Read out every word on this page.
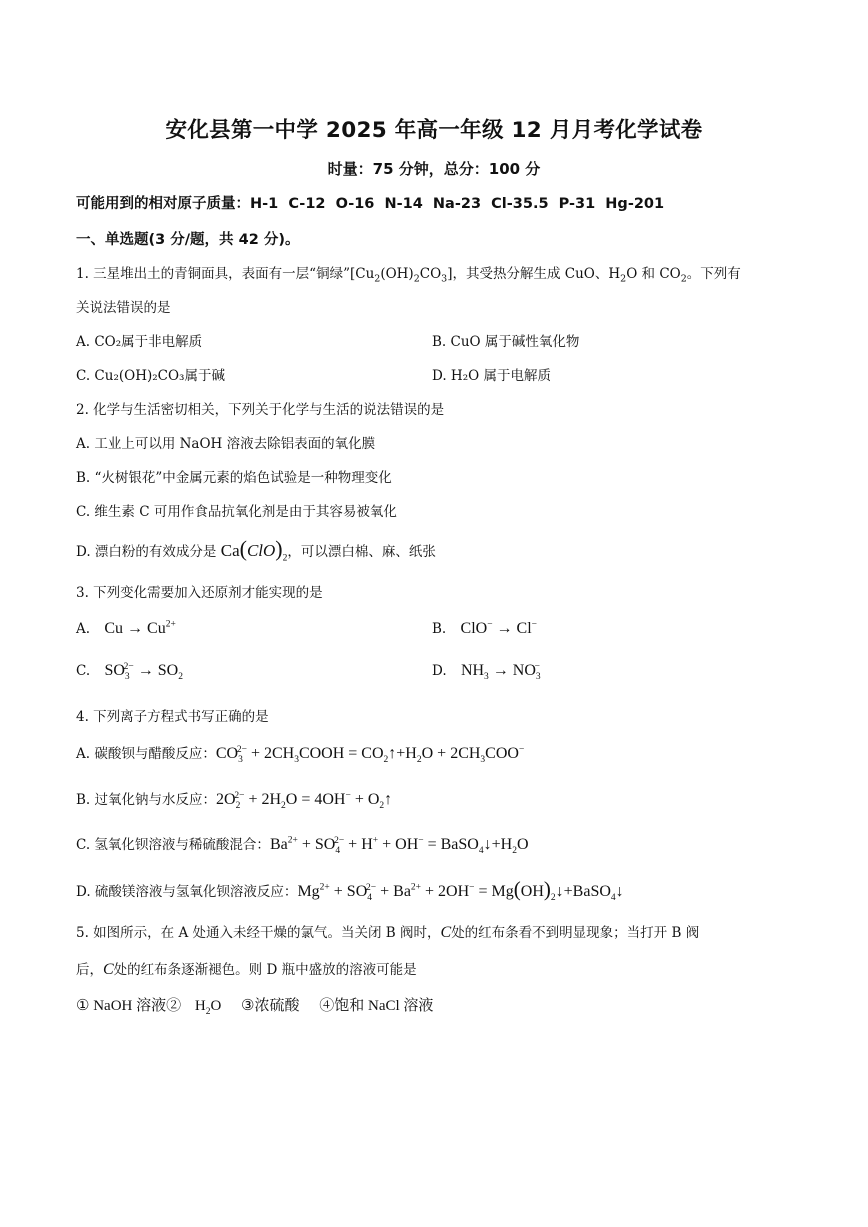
安化县第一中学 2025 年高一年级 12 月月考化学试卷
时量：75 分钟，总分：100 分
可能用到的相对原子质量：H-1  C-12  O-16  N-14  Na-23  Cl-35.5  P-31  Hg-201
一、单选题(3 分/题，共 42 分)。
1. 三星堆出土的青铜面具，表面有一层“铜绿$”[Cu_2(OH)_2CO_3]$，其受热分解生成 CuO、$H_2O$ 和 $CO_2$。下列有
关说法错误的是
A. CO₂属于非电解质	B. CuO 属于碱性氧化物
C. Cu₂(OH)₂CO₃属于碱	D. H₂O 属于电解质
2. 化学与生活密切相关，下列关于化学与生活的说法错误的是
A. 工业上可以用 NaOH 溶液去除铝表面的氧化膜
B. “火树银花”中金属元素的焰色试验是一种物理变化
C. 维生素 C 可用作食品抗氧化剂是由于其容易被氧化
D. 漂白粉的有效成分是 $Ca(ClO)_2$，可以漂白棉、麻、纸张
3. 下列变化需要加入还原剂才能实现的是
A. $Cu \to Cu^{2+}$	B. ClO− → Cl−
C. $SO_3^{2-} \to SO_2$	D. $NH_3 \to NO_3^-$
4. 下列离子方程式书写正确的是
A. 碳酸钡与醋酸反应：$CO_3^{2-}$ + $2CH_3COOH$ = $CO_2↑+H_2O + 2CH_3COO^-$
B. 过氧化钠与水反应：$2O_2^{2-} + 2H_2O = 4OH^-$ + $O_2↑$
C. 氢氧化钡溶液与稀硫酸混合：$Ba^{2+} + SO_4^{2-} + H^+ + OH^-$ = $BaSO_4↓+H_2O$
D. 硫酸镁溶液与氢氧化钡溶液反应：$Mg^{2+} + SO_4^{2-} + Ba^{2+} + 2OH^-$ = $Mg(OH)_2↓+BaSO_4↓$
5. 如图所示，在 A 处通入未经干燥的氯气。当关闭 B 阀时，C处的红布条看不到明显现象；当打开 B 阀
后，C处的红布条逐渐褪色。则 D 瓶中盛放的溶液可能是
① NaOH 溶液② $H_2O$ ③浓硫酸 ④饱和 NaCl 溶液
